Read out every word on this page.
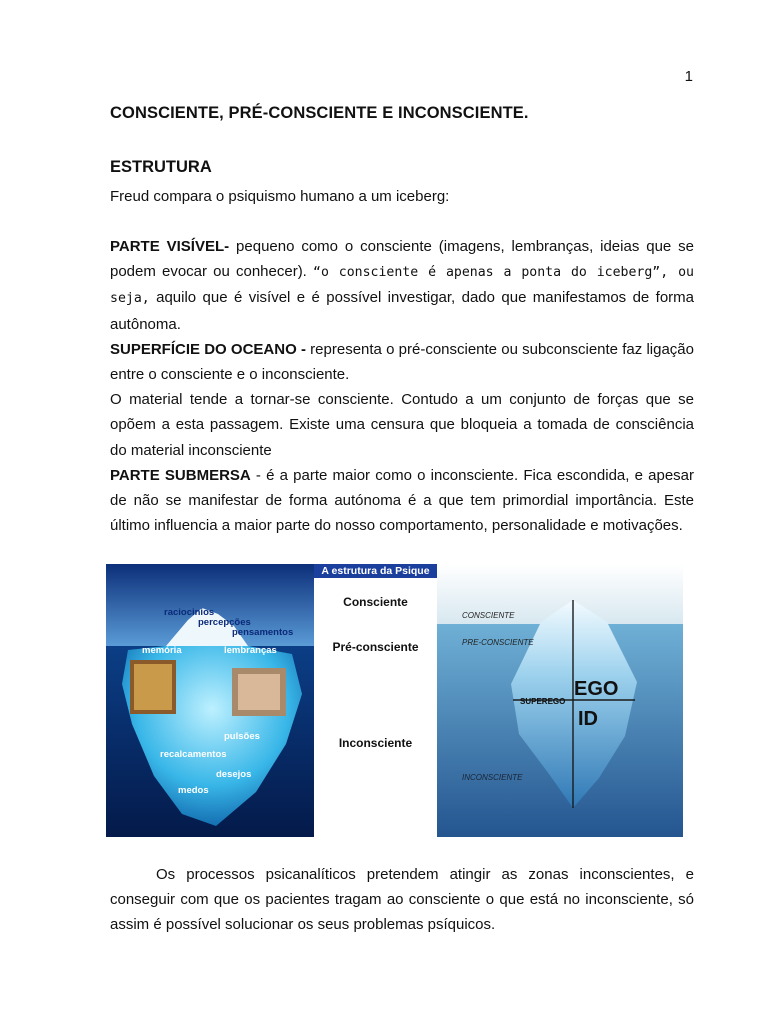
1
CONSCIENTE, PRÉ-CONSCIENTE E INCONSCIENTE.
ESTRUTURA
Freud compara o psiquismo humano a um iceberg:

PARTE VISÍVEL- pequeno como o consciente (imagens, lembranças, ideias que se podem evocar ou conhecer). “o consciente é apenas a ponta do iceberg”, ou seja, aquilo que é visível e é possível investigar, dado que manifestamos de forma autônoma.

SUPERFÍCIE DO OCEANO - representa o pré-consciente ou subconsciente faz ligação entre o consciente e o inconsciente.

O material tende a tornar-se consciente. Contudo a um conjunto de forças que se opõem a esta passagem. Existe uma censura que bloqueia a tomada de consciência do material inconsciente

PARTE SUBMERSA - é a parte maior como o inconsciente. Fica escondida, e apesar de não se manifestar de forma autónoma é a que tem primordial importância. Este último influencia a maior parte do nosso comportamento, personalidade e motivações.

raciocinios
percepções
pensamentos
memória	lembranças
pulsões
recalcamentos
desejos
medos
A estrutura da Psique
Consciente
Pré-consciente
Inconsciente
CONSCIENTE
PRE-CONSCIENTE
SUPEREGO
EGO
ID
INCONSCIENTE
Os processos psicanalíticos pretendem atingir as zonas inconscientes, e conseguir com que os pacientes tragam ao consciente o que está no inconsciente, só assim é possível solucionar os seus problemas psíquicos.
